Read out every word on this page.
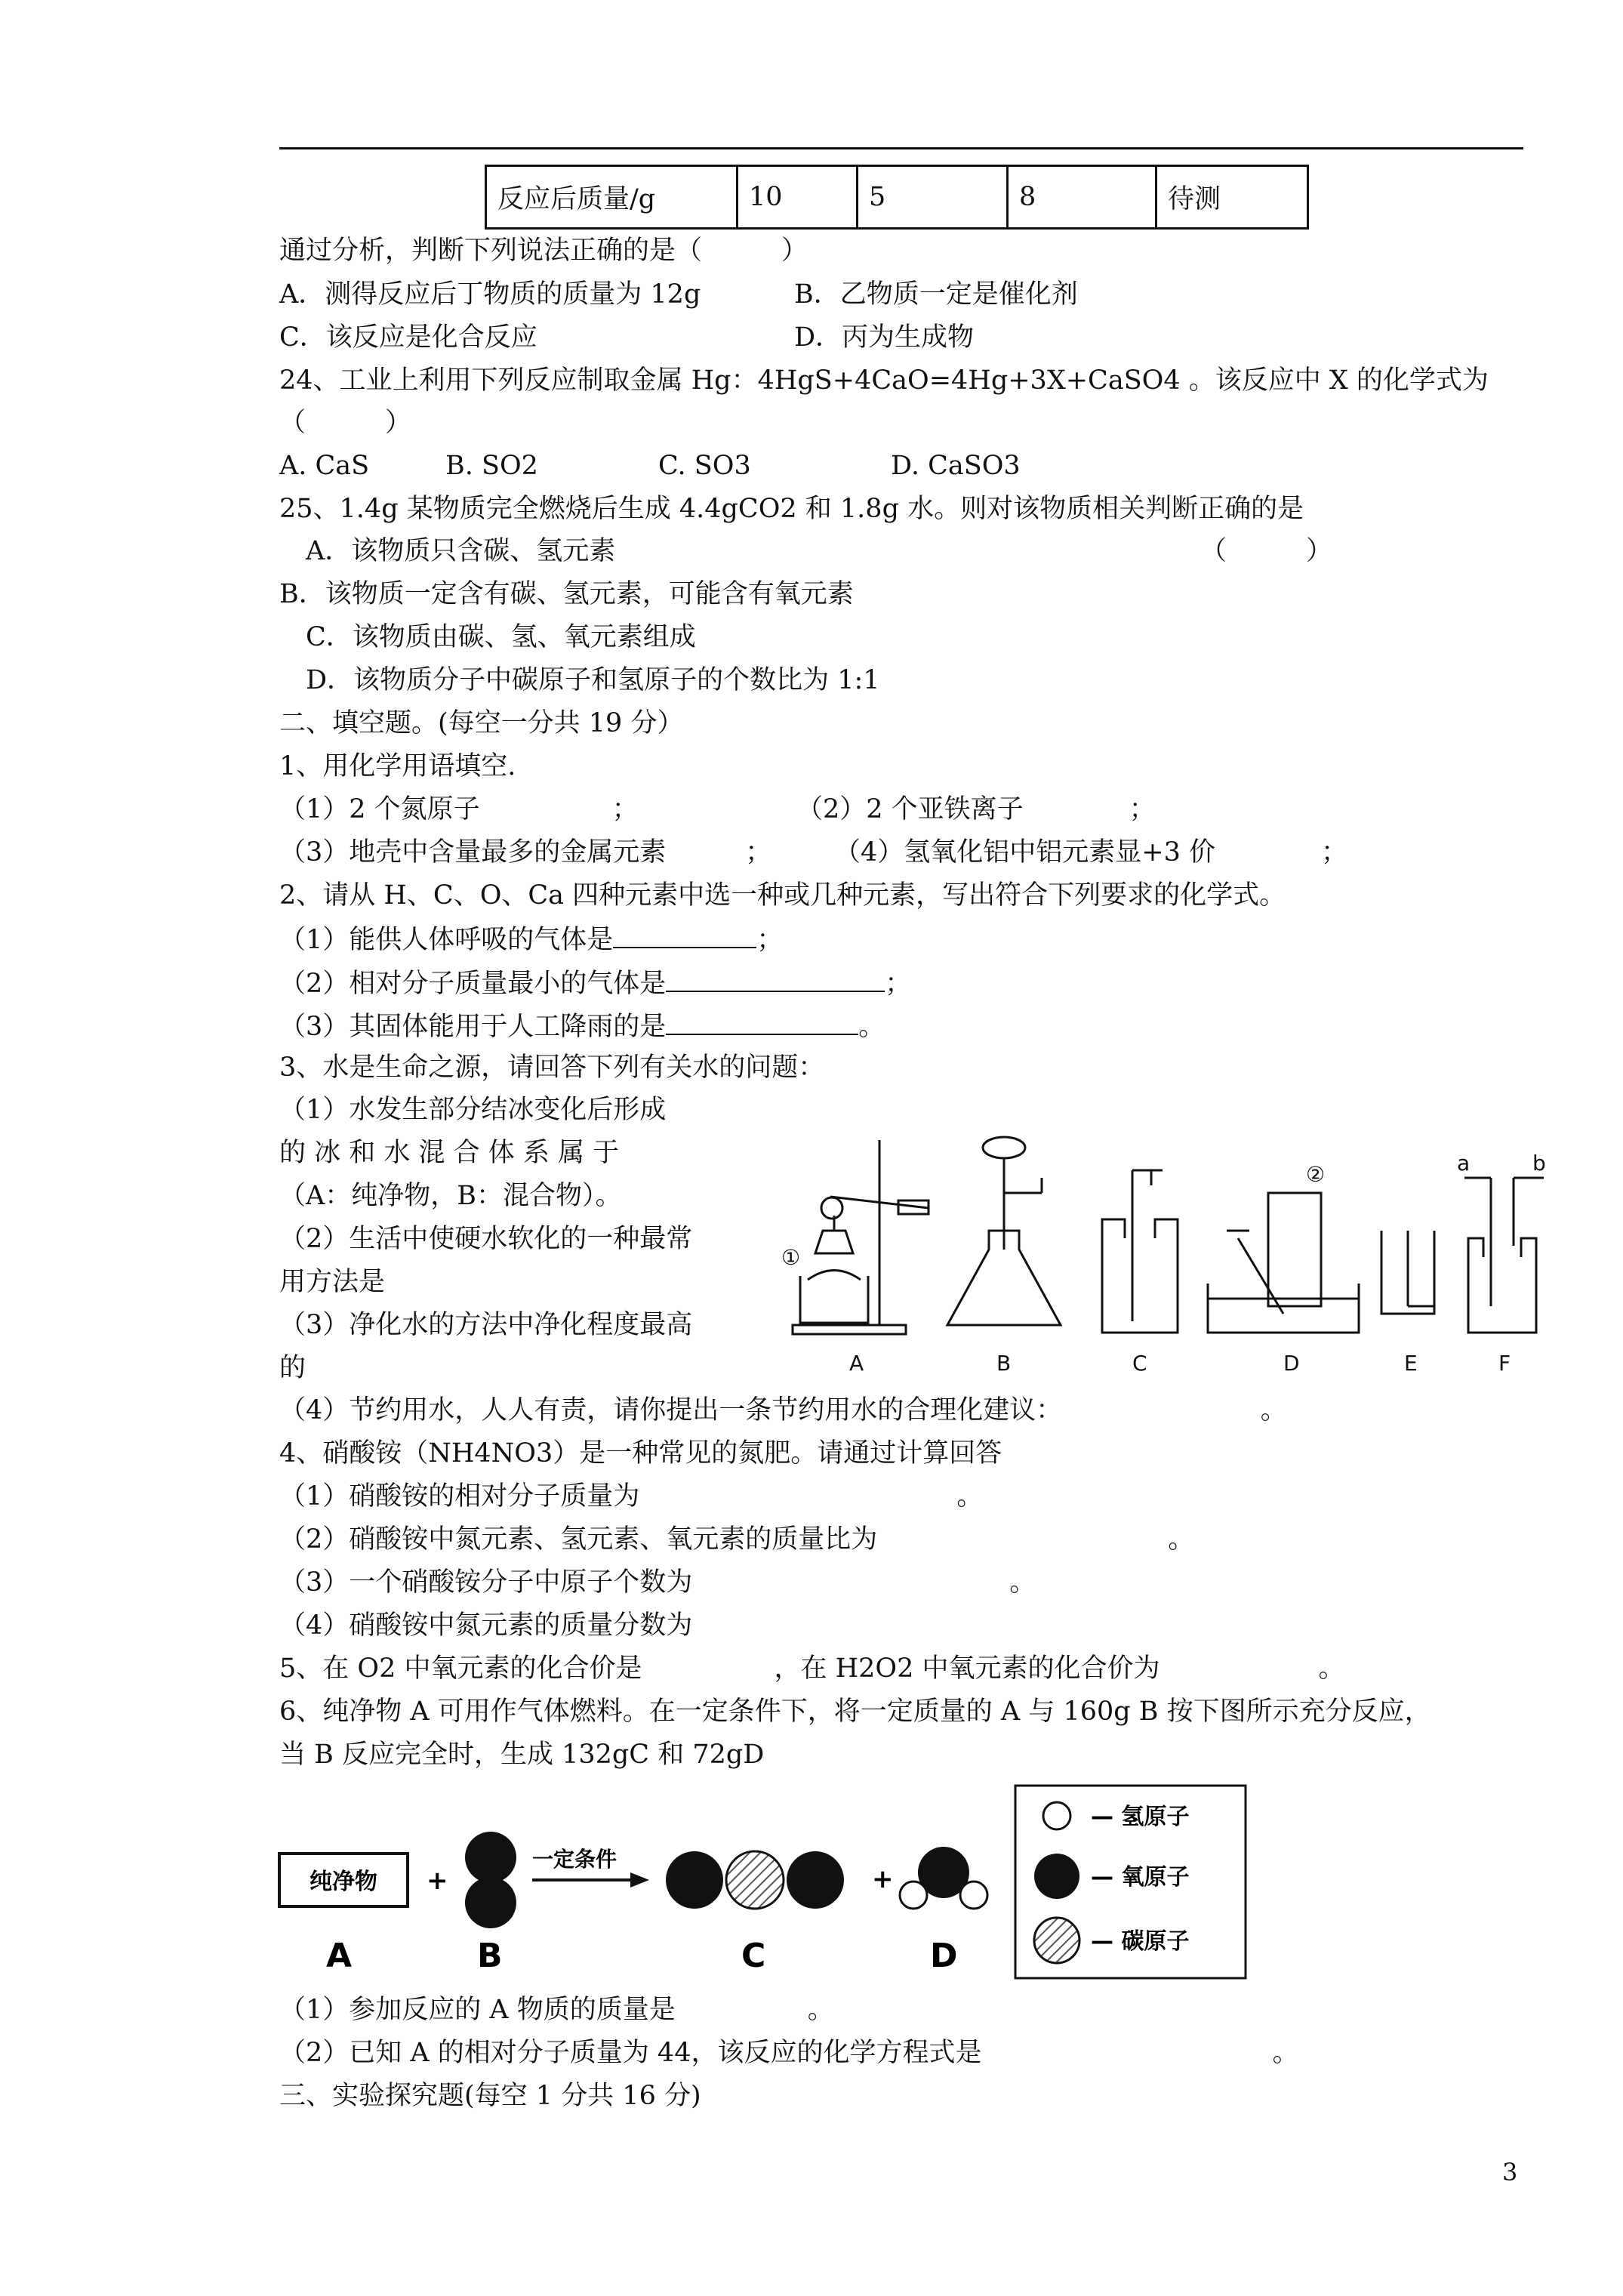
反应后质量/g	10	5	8	待测
通过分析，判断下列说法正确的是（　　　）
A．测得反应后丁物质的质量为 12g	B．乙物质一定是催化剂
C．该反应是化合反应	D．丙为生成物
24、工业上利用下列反应制取金属 Hg：4HgS+4CaO=4Hg+3X+CaSO4 。该反应中 X 的化学式为
（　　　）
A. CaS	B. SO2	C. SO3	D. CaSO3
25、1.4g 某物质完全燃烧后生成 4.4gCO2 和 1.8g 水。则对该物质相关判断正确的是
A．该物质只含碳、氢元素	（　　　）
B．该物质一定含有碳、氢元素，可能含有氧元素
C．该物质由碳、氢、氧元素组成
D．该物质分子中碳原子和氢原子的个数比为 1:1
二、填空题。(每空一分共 19 分）
1、用化学用语填空.
（1）2 个氮原子　　　　　；	（2）2 个亚铁离子　　　　；
（3）地壳中含量最多的金属元素　　　； （4）氢氧化铝中铝元素显+3 价　　　　；
2、请从 H、C、O、Ca 四种元素中选一种或几种元素，写出符合下列要求的化学式。
（1）能供人体呼吸的气体是	；
（2）相对分子质量最小的气体是	；
（3）其固体能用于人工降雨的是	。
3、水是生命之源，请回答下列有关水的问题：
（1）水发生部分结冰变化后形成
的 冰 和 水 混 合 体 系 属 于
（A：纯净物，B：混合物）。
（2）生活中使硬水软化的一种最常
用方法是
（3）净化水的方法中净化程度最高
的	A	B	C	D	E	F
①
②	a	b
（4）节约用水，人人有责，请你提出一条节约用水的合理化建议：　　　　　　　　。
4、硝酸铵（NH4NO3）是一种常见的氮肥。请通过计算回答
（1）硝酸铵的相对分子质量为　　　　　　　　　　　　。
（2）硝酸铵中氮元素、氢元素、氧元素的质量比为　　　　　　　　　　　。
（3）一个硝酸铵分子中原子个数为　　　　　　　　　　　　。
（4）硝酸铵中氮元素的质量分数为
5、在 O2 中氧元素的化合价是　　　　　，在 H2O2 中氧元素的化合价为　　　　　　。
6、纯净物 A 可用作气体燃料。在一定条件下，将一定质量的 A 与 160g B 按下图所示充分反应，
当 B 反应完全时，生成 132gC 和 72gD
纯净物 +
一定条件
+
A	B	C	D
— 氢原子
— 氧原子
— 碳原子
（1）参加反应的 A 物质的质量是　　　　　。
（2）已知 A 的相对分子质量为 44，该反应的化学方程式是　　　　　　　　　　　。
三、实验探究题(每空 1 分共 16 分)
3
